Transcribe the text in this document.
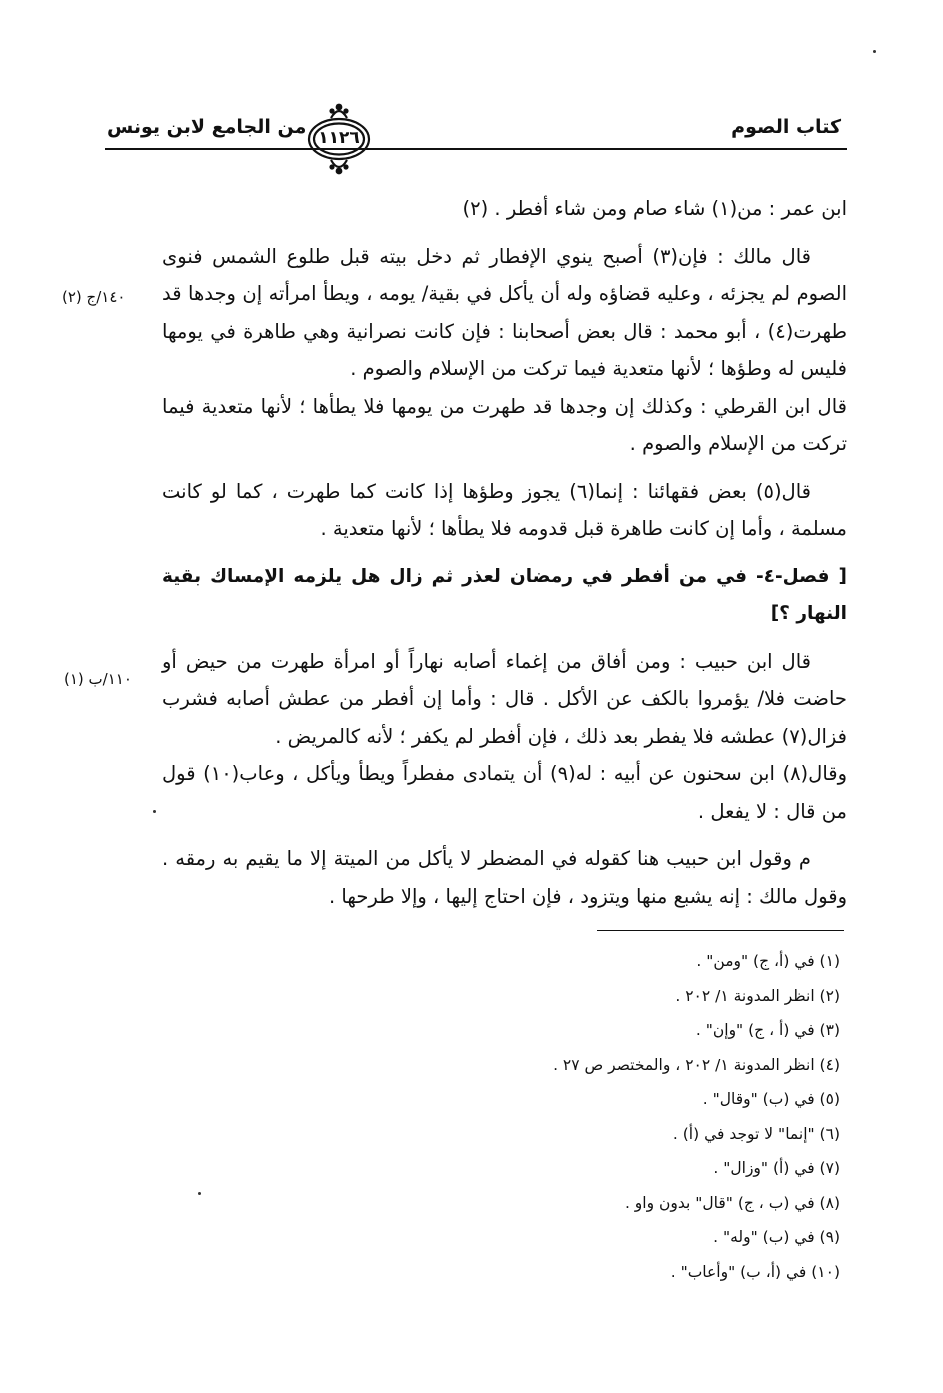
كتاب الصوم
من الجامع لابن يونس ١١٢٦

ابن عمر : من(١) شاء صام ومن شاء أفطر . (٢)

قال مالك : فإن(٣) أصبح ينوي الإفطار ثم دخل بيته قبل طلوع الشمس فنوى الصوم لم يجزئه ، وعليه قضاؤه وله أن يأكل في بقية/ يومه ، ويطأ امرأته إن وجدها قد طهرت(٤) ، أبو محمد : قال بعض أصحابنا : فإن كانت نصرانية وهي طاهرة في يومها فليس له وطؤها ؛ لأنها متعدية فيما تركت من الإسلام والصوم .

قال ابن القرطي : وكذلك إن وجدها قد طهرت من يومها فلا يطأها ؛ لأنها متعدية فيما تركت من الإسلام والصوم .

قال(٥) بعض فقهائنا : إنما(٦) يجوز وطؤها إذا كانت كما طهرت ، كما لو كانت مسلمة ، وأما إن كانت طاهرة قبل قدومه فلا يطأها ؛ لأنها متعدية .

[ فصل-٤- في من أفطر في رمضان لعذر ثم زال هل يلزمه الإمساك بقية النهار ؟]

قال ابن حبيب : ومن أفاق من إغماء أصابه نهاراً أو امرأة طهرت من حيض أو حاضت فلا/ يؤمروا بالكف عن الأكل . قال : وأما إن أفطر من عطش أصابه فشرب فزال(٧) عطشه فلا يفطر بعد ذلك ، فإن أفطر لم يكفر ؛ لأنه كالمريض .

وقال(٨) ابن سحنون عن أبيه : له(٩) أن يتمادى مفطراً ويطأ ويأكل ، وعاب(١٠) قول من قال : لا يفعل .

م وقول ابن حبيب هنا كقوله في المضطر لا يأكل من الميتة إلا ما يقيم به رمقه . وقول مالك : إنه يشبع منها ويتزود ، فإن احتاج إليها ، وإلا طرحها .

١٤٠/ج (٢)
١١٠/ب (١)
(١) في (أ، ج) "ومن" .
(٢) انظر المدونة ١/ ٢٠٢ .
(٣) في (أ ، ج) "وإن" .
(٤) انظر المدونة ١/ ٢٠٢ ، والمختصر ص ٢٧ .
(٥) في (ب) "وقال" .
(٦) "إنما" لا توجد في (أ) .
(٧) في (أ) "وزال" .
(٨) في (ب ، ج) "قال" بدون واو .
(٩) في (ب) "وله" .
(١٠) في (أ، ب) "وأعاب" .
